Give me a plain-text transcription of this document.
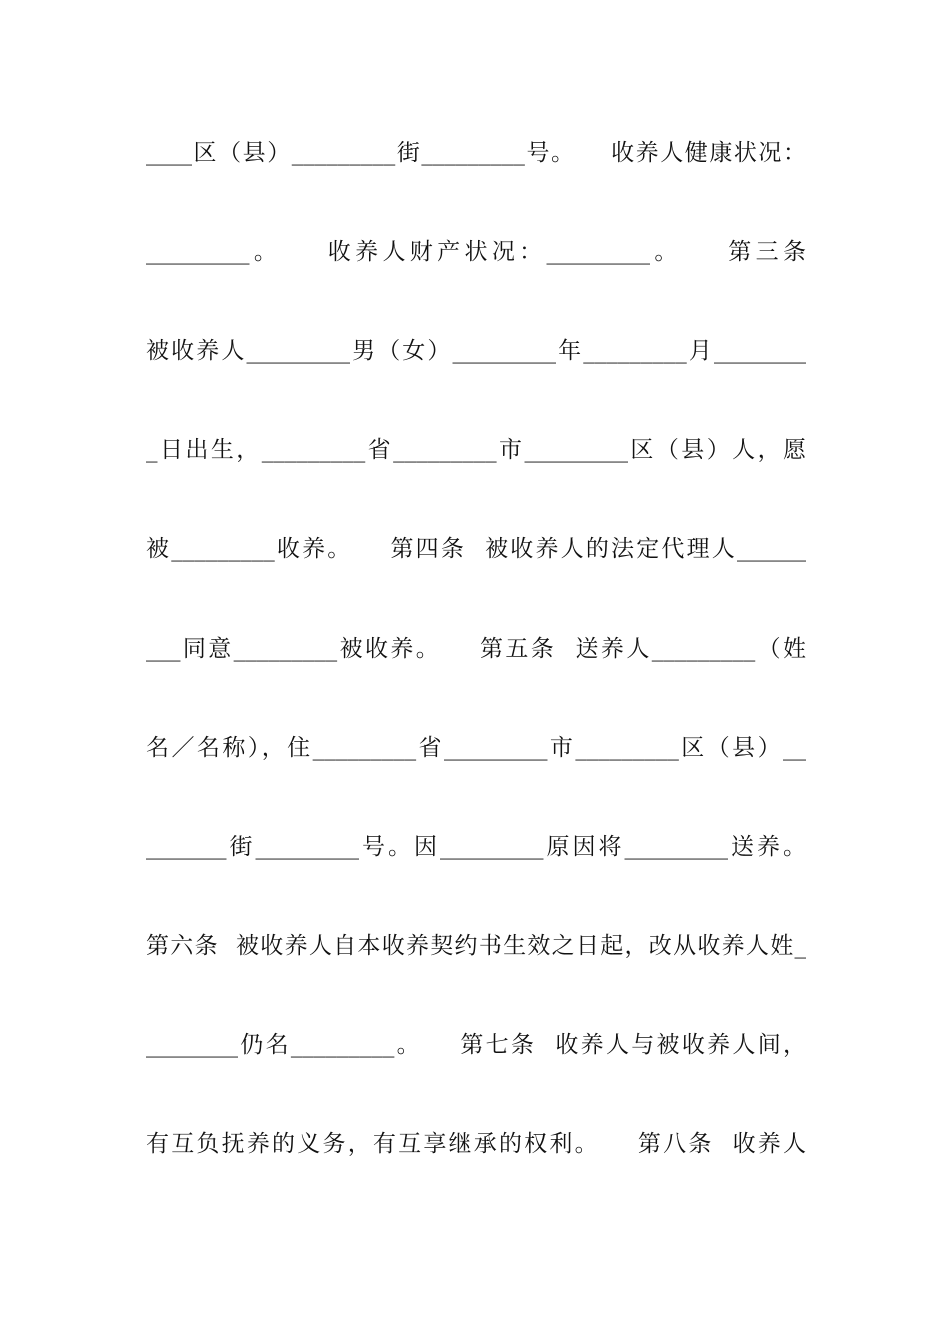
____区（县）_________街_________号。    收养人健康状况：
_________。    收养人财产状况：_________。    第三条
被收养人_________男（女）_________年_________月________
_日出生，_________省_________市_________区（县）人，愿
被_________收养。    第四条  被收养人的法定代理人______
___同意_________被收养。    第五条  送养人_________（姓
名／名称），住_________省_________市_________区（县）__
_______街_________号。因_________原因将_________送养。
第六条  被收养人自本收养契约书生效之日起，改从收养人姓_
________仍名_________。    第七条  收养人与被收养人间，
有互负抚养的义务，有互享继承的权利。    第八条  收养人
